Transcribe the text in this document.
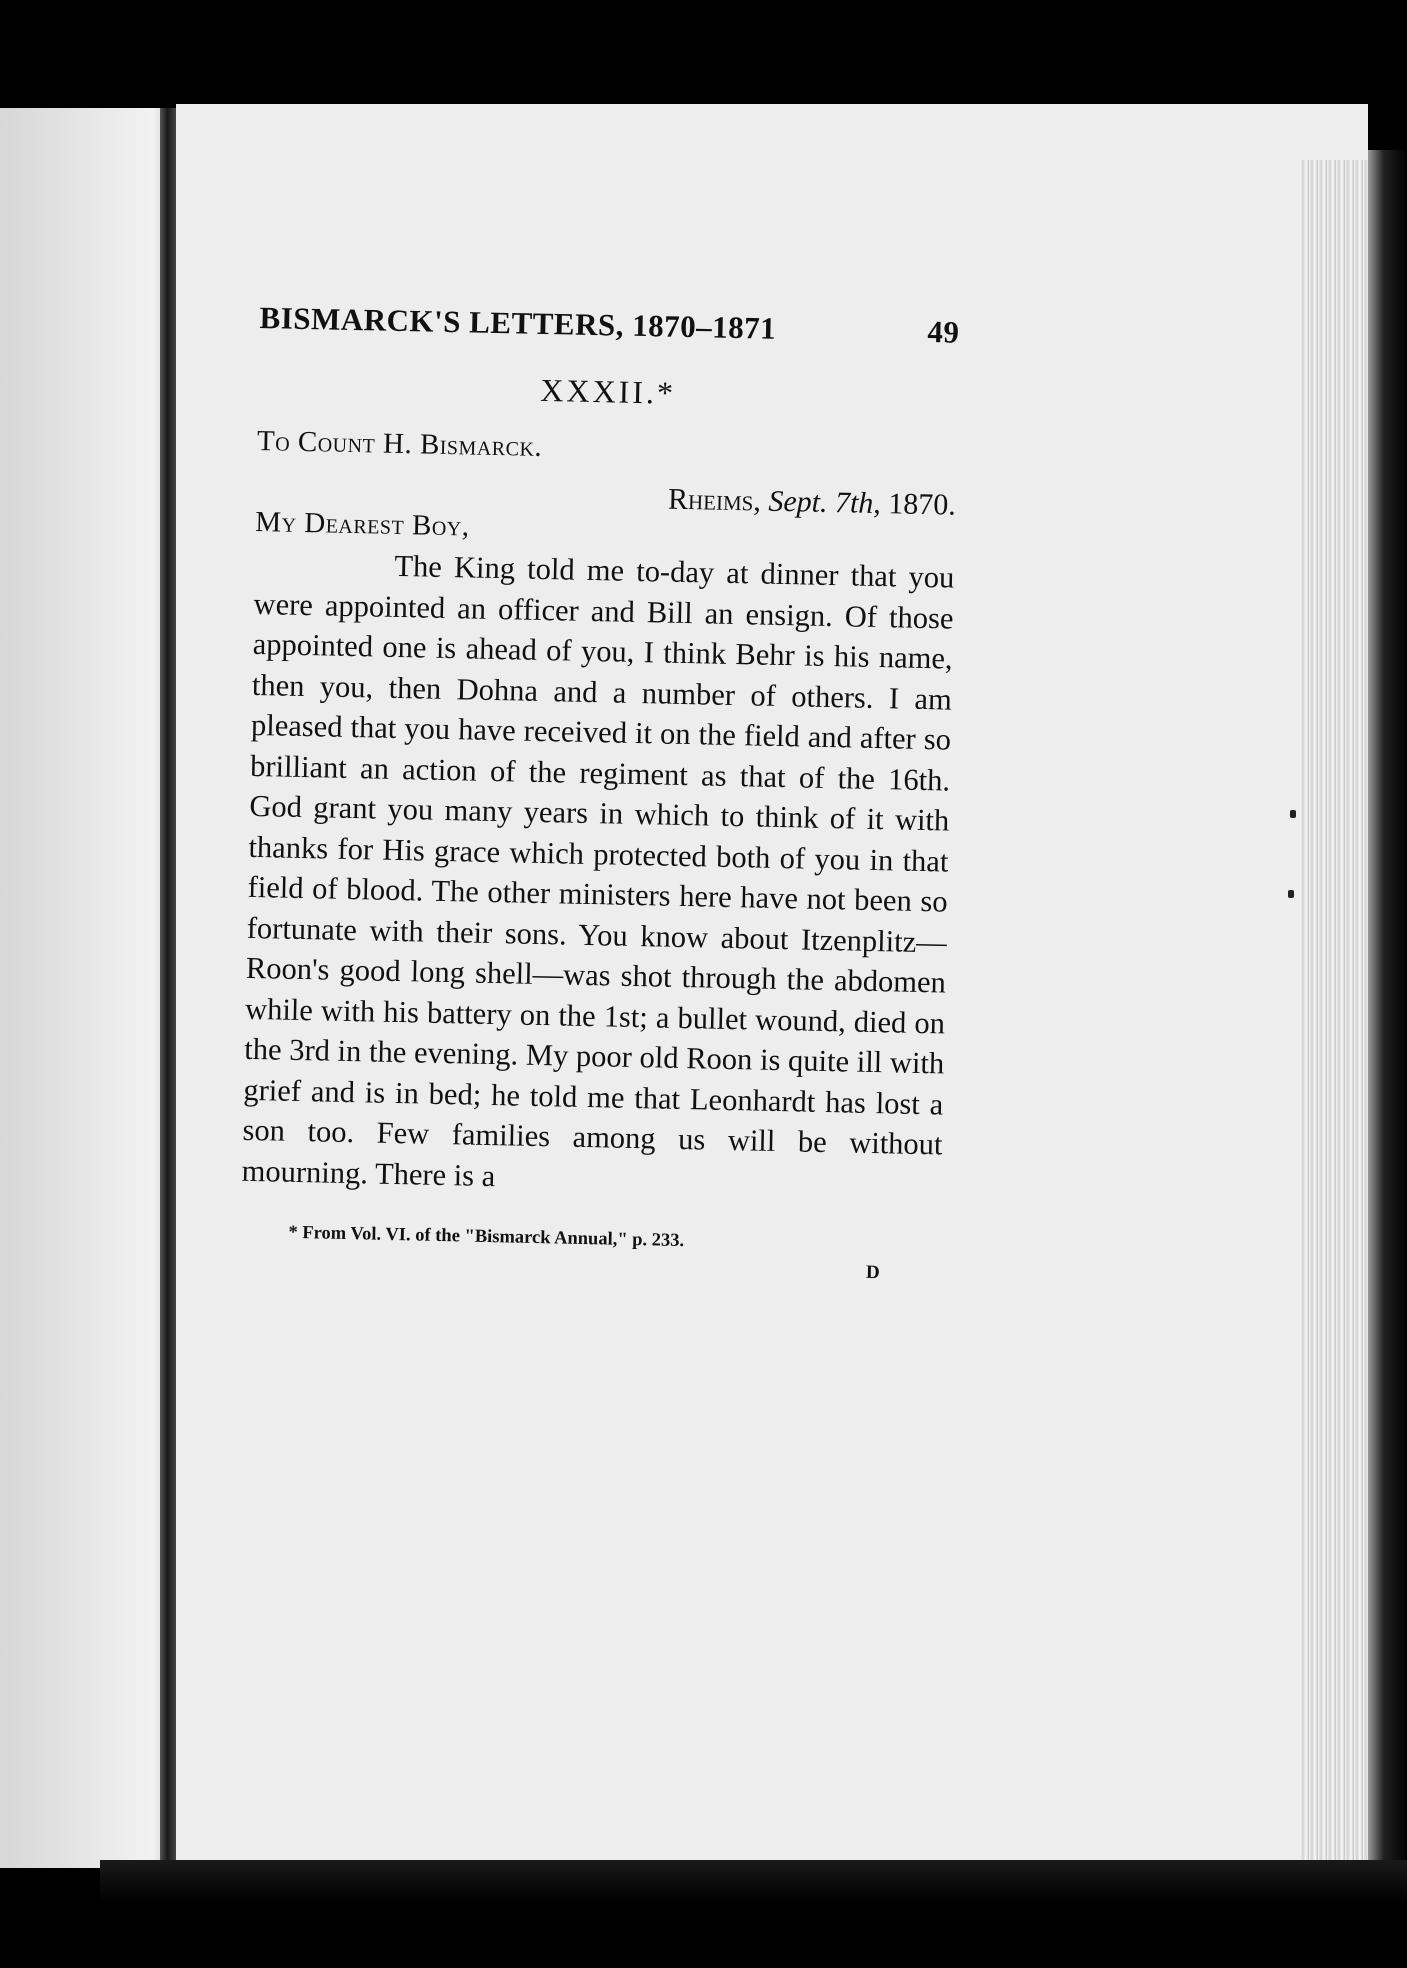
BISMARCK'S LETTERS, 1870–1871	49
XXXII.*
To Count H. Bismarck.
Rheims, Sept. 7th, 1870.
My Dearest Boy,

The King told me to-day at dinner that you were appointed an officer and Bill an ensign. Of those appointed one is ahead of you, I think Behr is his name, then you, then Dohna and a number of others. I am pleased that you have received it on the field and after so brilliant an action of the regiment as that of the 16th. God grant you many years in which to think of it with thanks for His grace which protected both of you in that field of blood. The other ministers here have not been so fortunate with their sons. You know about Itzenplitz—Roon's good long shell—was shot through the abdomen while with his battery on the 1st; a bullet wound, died on the 3rd in the evening. My poor old Roon is quite ill with grief and is in bed; he told me that Leonhardt has lost a son too. Few families among us will be without mourning. There is a

* From Vol. VI. of the "Bismarck Annual," p. 233.
D
